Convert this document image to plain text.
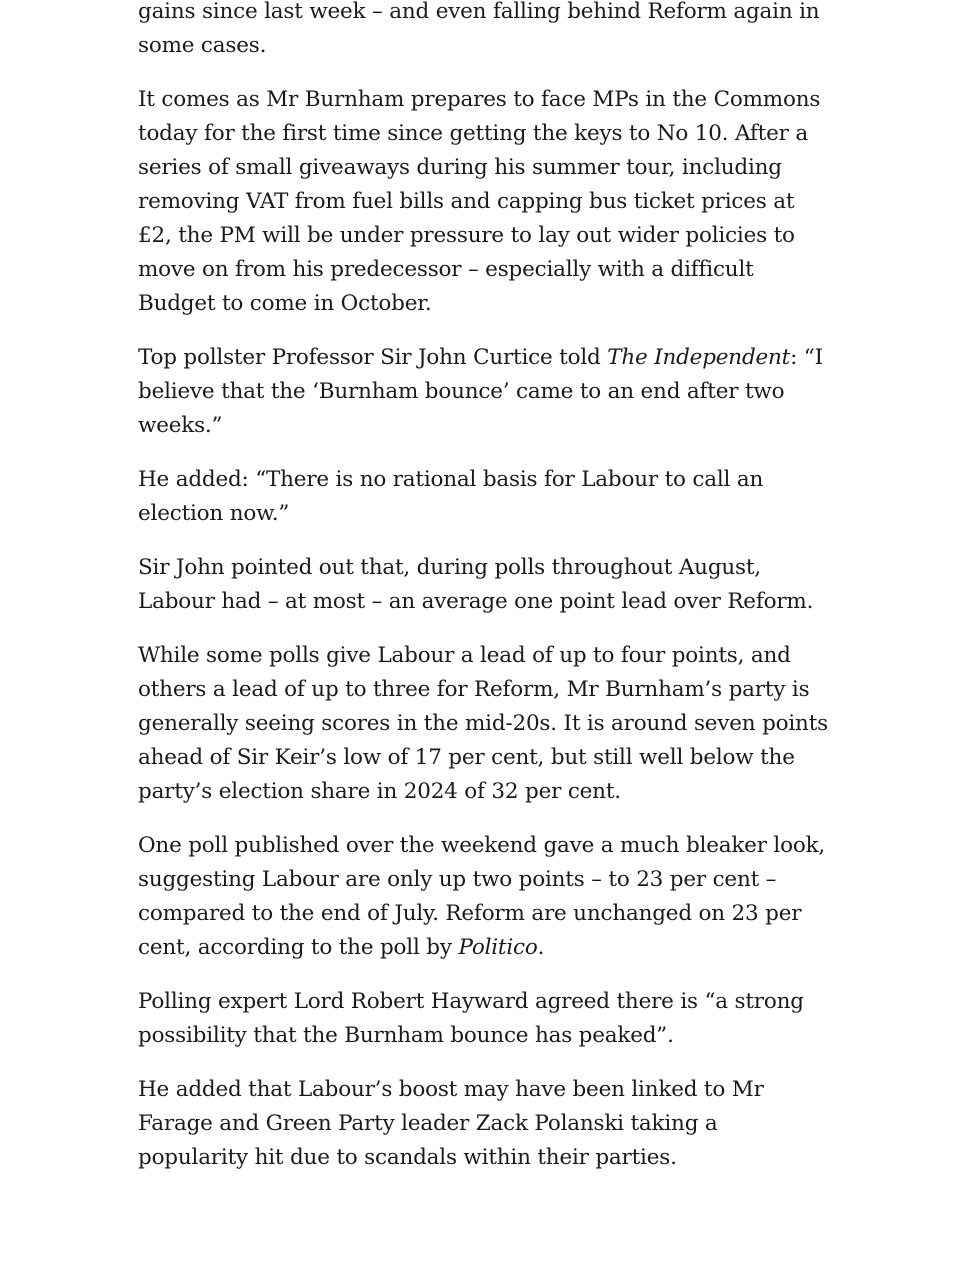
gains since last week – and even falling behind Reform again in some cases.

It comes as Mr Burnham prepares to face MPs in the Commons today for the first time since getting the keys to No 10. After a series of small giveaways during his summer tour, including removing VAT from fuel bills and capping bus ticket prices at £2, the PM will be under pressure to lay out wider policies to move on from his predecessor – especially with a difficult Budget to come in October.

Top pollster Professor Sir John Curtice told The Independent: “I believe that the ‘Burnham bounce’ came to an end after two weeks.”

He added: “There is no rational basis for Labour to call an election now.”

Sir John pointed out that, during polls throughout August, Labour had – at most – an average one point lead over Reform.

While some polls give Labour a lead of up to four points, and others a lead of up to three for Reform, Mr Burnham’s party is generally seeing scores in the mid-20s. It is around seven points ahead of Sir Keir’s low of 17 per cent, but still well below the party’s election share in 2024 of 32 per cent.

One poll published over the weekend gave a much bleaker look, suggesting Labour are only up two points – to 23 per cent – compared to the end of July. Reform are unchanged on 23 per cent, according to the poll by Politico.

Polling expert Lord Robert Hayward agreed there is “a strong possibility that the Burnham bounce has peaked”.

He added that Labour’s boost may have been linked to Mr Farage and Green Party leader Zack Polanski taking a popularity hit due to scandals within their parties.
